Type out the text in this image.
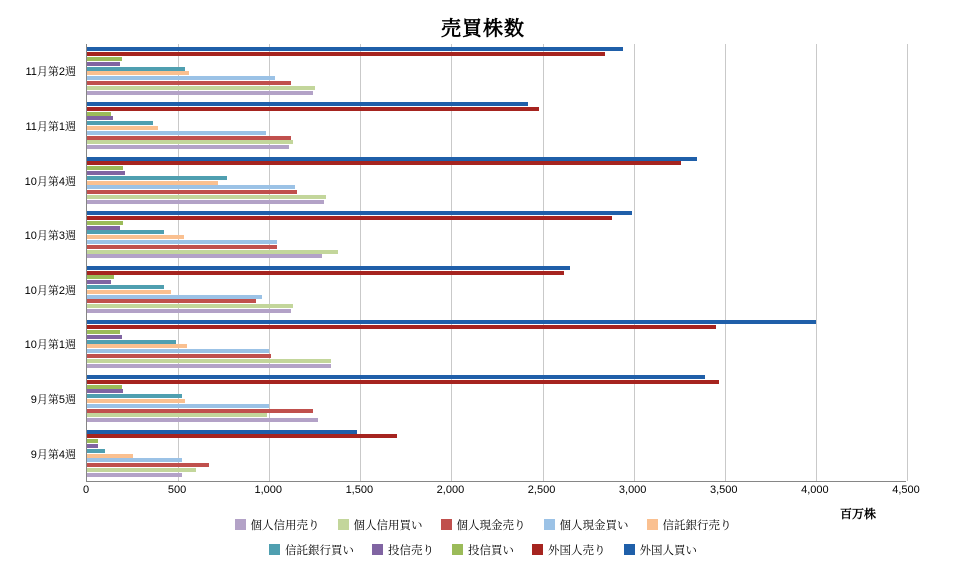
売買株数
9月第4週
9月第5週
10月第1週
10月第2週
10月第3週
10月第4週
11月第1週
11月第2週
0	500	1,000	1,500	2,000	2,500	3,000	3,500	4,000	4,500
百万株
個人信用売り	個人信用買い	個人現金売り	個人現金買い	信託銀行売り
信託銀行買い	投信売り	投信買い	外国人売り	外国人買い
